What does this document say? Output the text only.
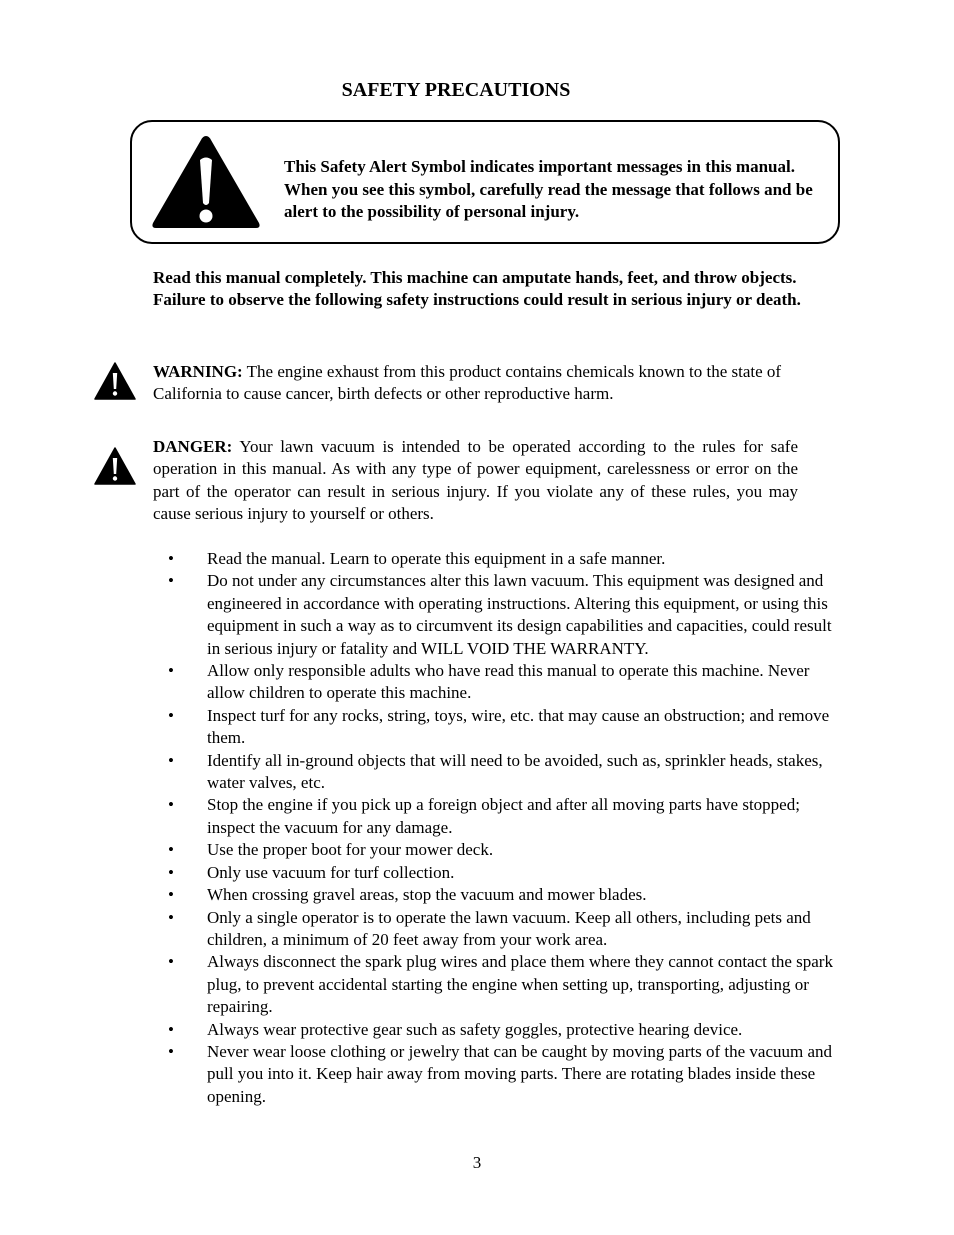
SAFETY PRECAUTIONS
This Safety Alert Symbol indicates important messages in this manual. When you see this symbol, carefully read the message that follows and be alert to the possibility of personal injury.
Read this manual completely. This machine can amputate hands, feet, and throw objects. Failure to observe the following safety instructions could result in serious injury or death.
WARNING: The engine exhaust from this product contains chemicals known to the state of California to cause cancer, birth defects or other reproductive harm.
DANGER: Your lawn vacuum is intended to be operated according to the rules for safe operation in this manual. As with any type of power equipment, carelessness or error on the part of the operator can result in serious injury. If you violate any of these rules, you may cause serious injury to yourself or others.
• Read the manual. Learn to operate this equipment in a safe manner.
• Do not under any circumstances alter this lawn vacuum. This equipment was designed and engineered in accordance with operating instructions. Altering this equipment, or using this equipment in such a way as to circumvent its design capabilities and capacities, could result in serious injury or fatality and WILL VOID THE WARRANTY.
• Allow only responsible adults who have read this manual to operate this machine. Never allow children to operate this machine.
• Inspect turf for any rocks, string, toys, wire, etc. that may cause an obstruction; and remove them.
• Identify all in-ground objects that will need to be avoided, such as, sprinkler heads, stakes, water valves, etc.
• Stop the engine if you pick up a foreign object and after all moving parts have stopped; inspect the vacuum for any damage.
• Use the proper boot for your mower deck.
• Only use vacuum for turf collection.
• When crossing gravel areas, stop the vacuum and mower blades.
• Only a single operator is to operate the lawn vacuum. Keep all others, including pets and children, a minimum of 20 feet away from your work area.
• Always disconnect the spark plug wires and place them where they cannot contact the spark plug, to prevent accidental starting the engine when setting up, transporting, adjusting or repairing.
• Always wear protective gear such as safety goggles, protective hearing device.
• Never wear loose clothing or jewelry that can be caught by moving parts of the vacuum and pull you into it. Keep hair away from moving parts. There are rotating blades inside these opening.
3
